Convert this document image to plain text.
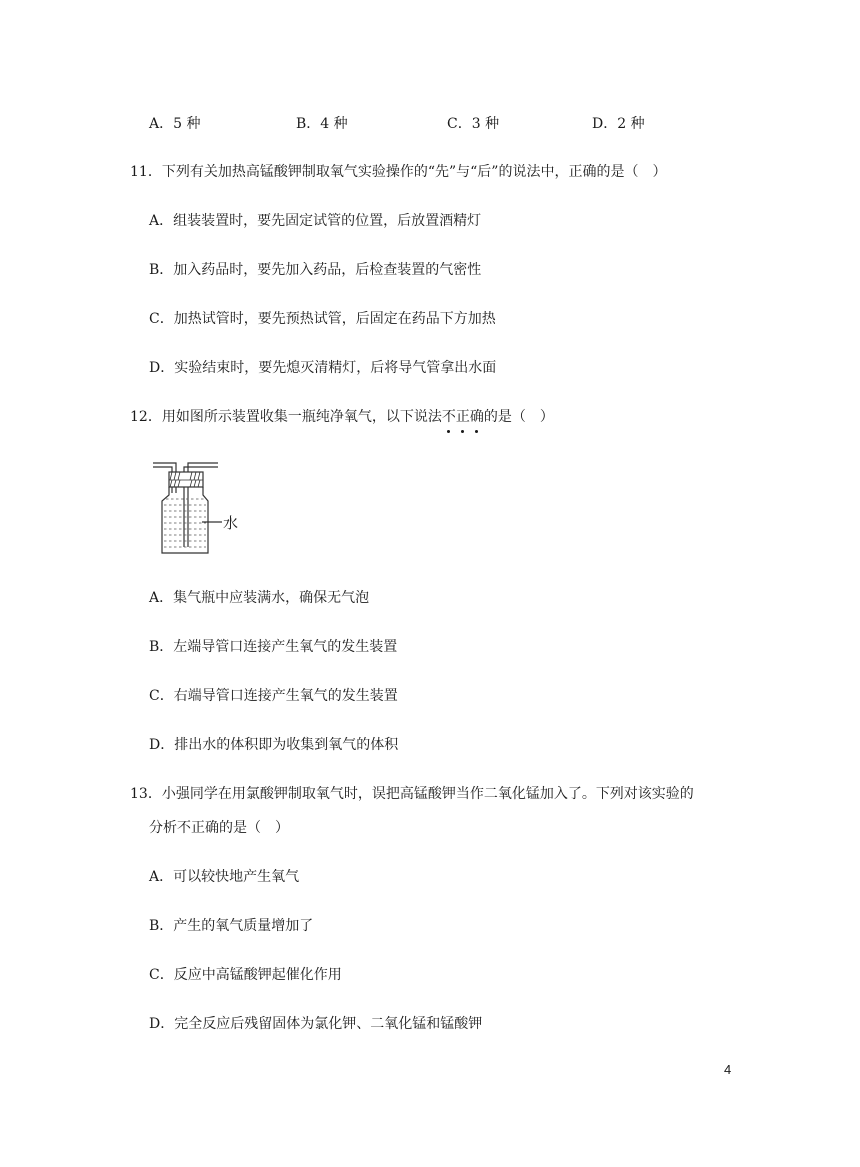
A．5 种	B．4 种	C．3 种	D．2 种
11．下列有关加热高锰酸钾制取氧气实验操作的“先”与“后”的说法中，正确的是（　）
A．组装装置时，要先固定试管的位置，后放置酒精灯
B．加入药品时，要先加入药品，后检查装置的气密性
C．加热试管时，要先预热试管，后固定在药品下方加热
D．实验结束时，要先熄灭清精灯，后将导气管拿出水面
12．用如图所示装置收集一瓶纯净氧气，以下说法不正确的是（　）
水
A．集气瓶中应装满水，确保无气泡
B．左端导管口连接产生氧气的发生装置
C．右端导管口连接产生氧气的发生装置
D．排出水的体积即为收集到氧气的体积
13．小强同学在用氯酸钾制取氧气时，误把高锰酸钾当作二氧化锰加入了。下列对该实验的
分析不正确的是（　）
A．可以较快地产生氧气
B．产生的氧气质量增加了
C．反应中高锰酸钾起催化作用
D．完全反应后残留固体为氯化钾、二氧化锰和锰酸钾
4
